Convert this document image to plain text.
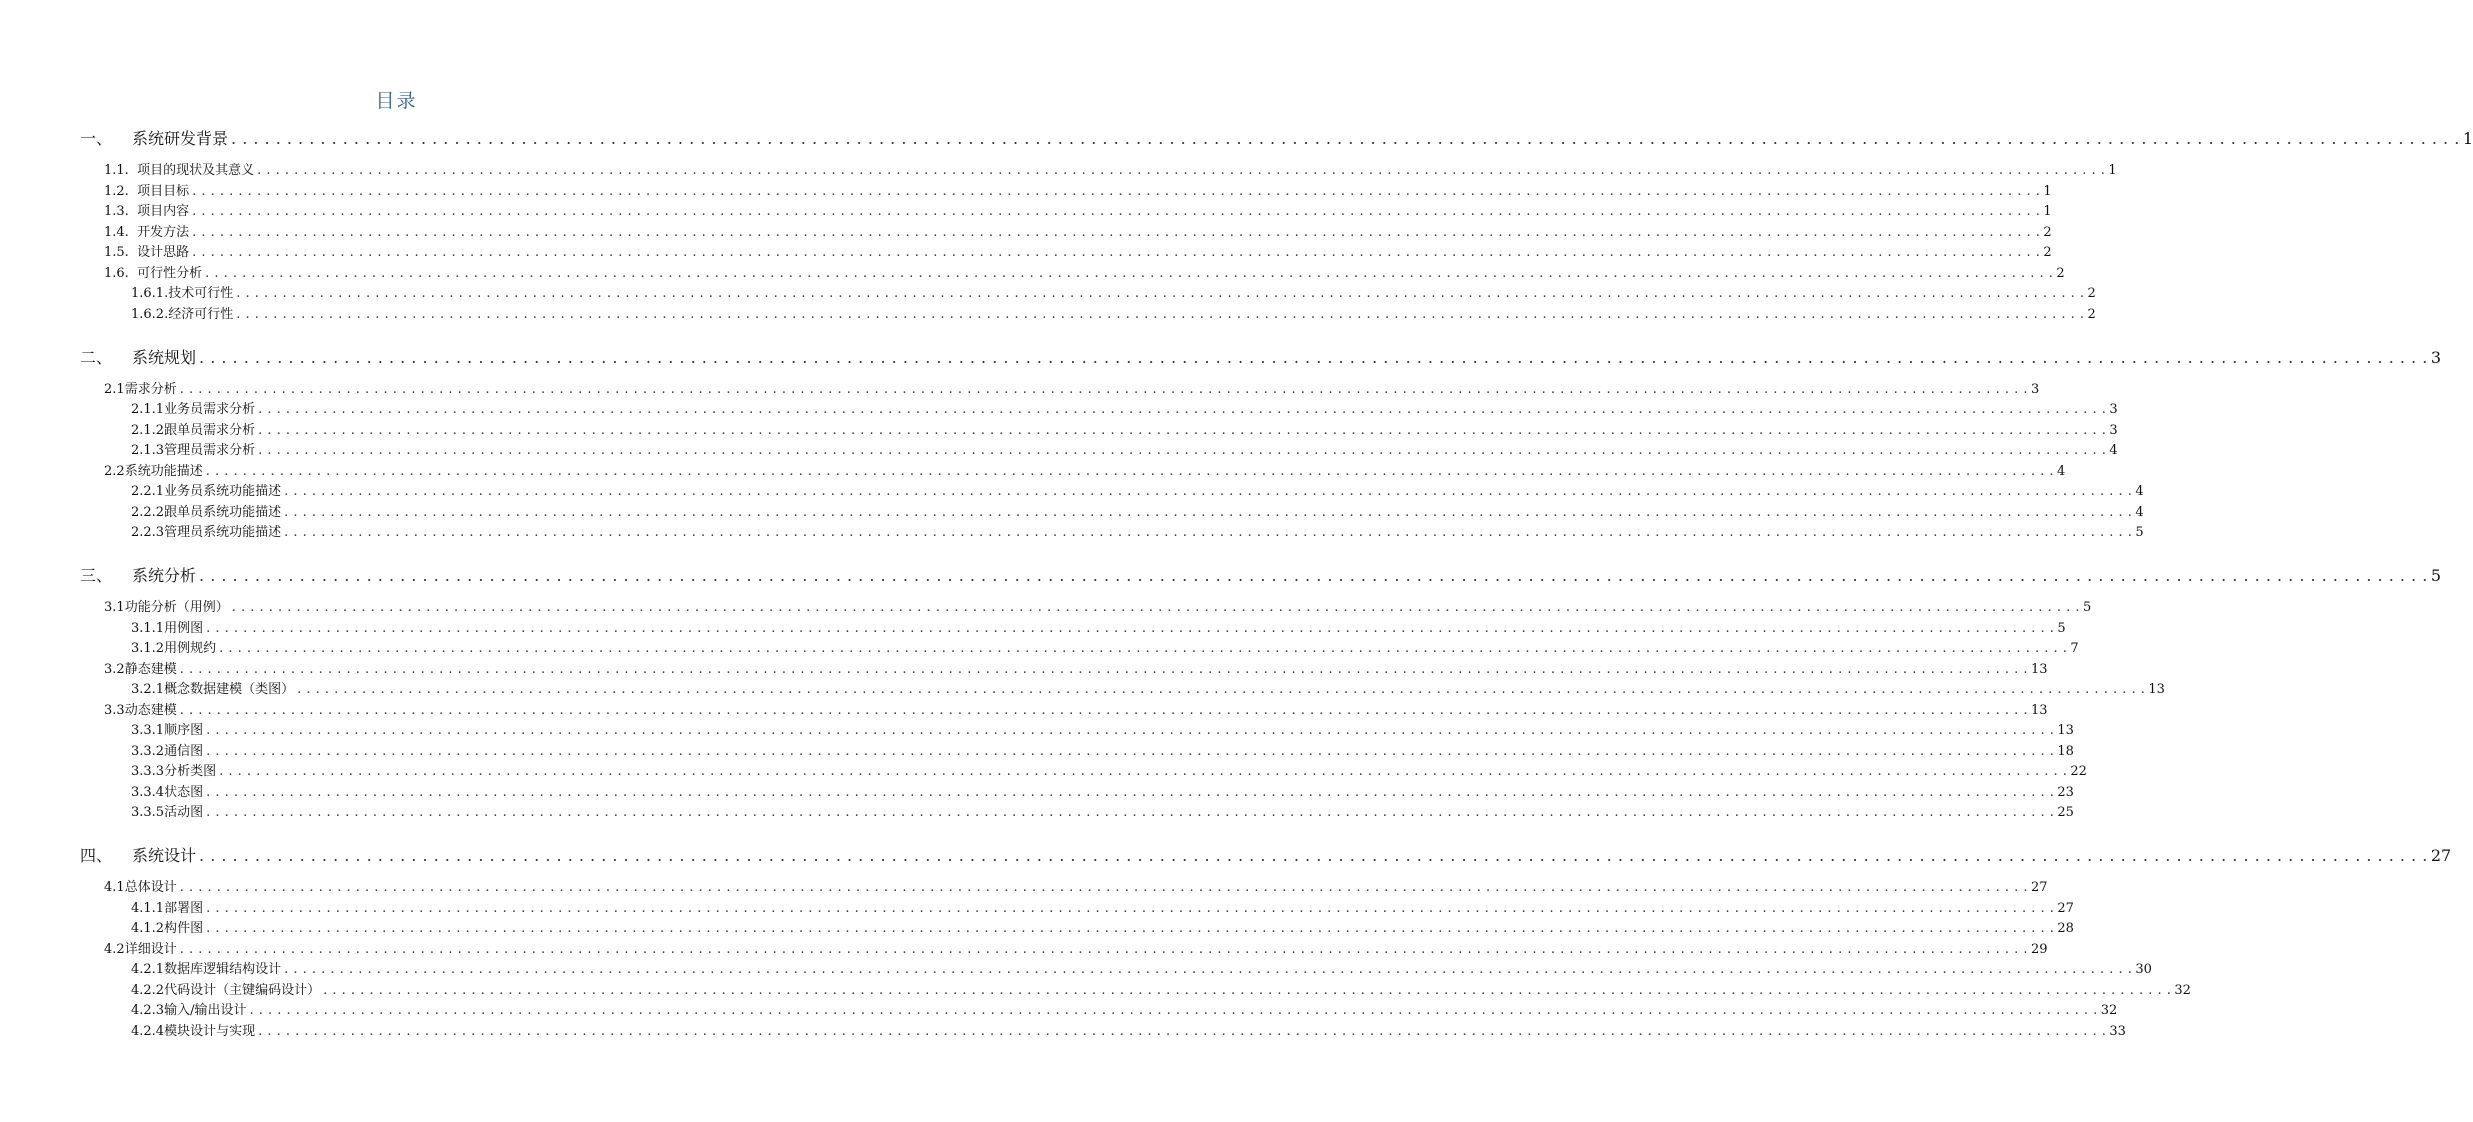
目录
一、 系统研发背景 . . . . . . . . . . . . . . . . . . . . . . . . . . . . . . . . . . . . . . . . . . . . . . . . . . . . . . . . . . . . . . . . . . . . . . . . . . . . . . . . . . . . . . . . . . . . . . . . . . . . . . . . . . . . . . . . . . . . . . . . . . . . . . . . . . . . . . . . . . . . . . . . . . . . . . . . . . . . . . . . . . . . . . . . . . . . . . . . . . . . . . . . . . . . . . . . . . . . . . . . 1
1.1. 项目的现状及其意义 . . . . . . . . . . . . . . . . . . . . . . . . . . . . . . . . . . . . . . . . . . . . . . . . . . . . . . . . . . . . . . . . . . . . . . . . . . . . . . . . . . . . . . . . . . . . . . . . . . . . . . . . . . . . . . . . . . . . . . . . . . . . . . . . . . . . . . . . . . . . . . . . . . . . . . . . . . . . . . . . . . . . . . . . . . . . . . . . . . . . . . . . . . . . . . . . . . . . . . . . 1
1.2. 项目目标 . . . . . . . . . . . . . . . . . . . . . . . . . . . . . . . . . . . . . . . . . . . . . . . . . . . . . . . . . . . . . . . . . . . . . . . . . . . . . . . . . . . . . . . . . . . . . . . . . . . . . . . . . . . . . . . . . . . . . . . . . . . . . . . . . . . . . . . . . . . . . . . . . . . . . . . . . . . . . . . . . . . . . . . . . . . . . . . . . . . . . . . . . . . . . . . . . . . . . . . . 1
1.3. 项目内容 . . . . . . . . . . . . . . . . . . . . . . . . . . . . . . . . . . . . . . . . . . . . . . . . . . . . . . . . . . . . . . . . . . . . . . . . . . . . . . . . . . . . . . . . . . . . . . . . . . . . . . . . . . . . . . . . . . . . . . . . . . . . . . . . . . . . . . . . . . . . . . . . . . . . . . . . . . . . . . . . . . . . . . . . . . . . . . . . . . . . . . . . . . . . . . . . . . . . . . . . 1
1.4. 开发方法 . . . . . . . . . . . . . . . . . . . . . . . . . . . . . . . . . . . . . . . . . . . . . . . . . . . . . . . . . . . . . . . . . . . . . . . . . . . . . . . . . . . . . . . . . . . . . . . . . . . . . . . . . . . . . . . . . . . . . . . . . . . . . . . . . . . . . . . . . . . . . . . . . . . . . . . . . . . . . . . . . . . . . . . . . . . . . . . . . . . . . . . . . . . . . . . . . . . . . . . . 2
1.5. 设计思路 . . . . . . . . . . . . . . . . . . . . . . . . . . . . . . . . . . . . . . . . . . . . . . . . . . . . . . . . . . . . . . . . . . . . . . . . . . . . . . . . . . . . . . . . . . . . . . . . . . . . . . . . . . . . . . . . . . . . . . . . . . . . . . . . . . . . . . . . . . . . . . . . . . . . . . . . . . . . . . . . . . . . . . . . . . . . . . . . . . . . . . . . . . . . . . . . . . . . . . . . 2
1.6. 可行性分析 . . . . . . . . . . . . . . . . . . . . . . . . . . . . . . . . . . . . . . . . . . . . . . . . . . . . . . . . . . . . . . . . . . . . . . . . . . . . . . . . . . . . . . . . . . . . . . . . . . . . . . . . . . . . . . . . . . . . . . . . . . . . . . . . . . . . . . . . . . . . . . . . . . . . . . . . . . . . . . . . . . . . . . . . . . . . . . . . . . . . . . . . . . . . . . . . . . . . . . . . 2
1.6.1.技术可行性 . . . . . . . . . . . . . . . . . . . . . . . . . . . . . . . . . . . . . . . . . . . . . . . . . . . . . . . . . . . . . . . . . . . . . . . . . . . . . . . . . . . . . . . . . . . . . . . . . . . . . . . . . . . . . . . . . . . . . . . . . . . . . . . . . . . . . . . . . . . . . . . . . . . . . . . . . . . . . . . . . . . . . . . . . . . . . . . . . . . . . . . . . . . . . . . . . . . . . . . . 2
1.6.2.经济可行性 . . . . . . . . . . . . . . . . . . . . . . . . . . . . . . . . . . . . . . . . . . . . . . . . . . . . . . . . . . . . . . . . . . . . . . . . . . . . . . . . . . . . . . . . . . . . . . . . . . . . . . . . . . . . . . . . . . . . . . . . . . . . . . . . . . . . . . . . . . . . . . . . . . . . . . . . . . . . . . . . . . . . . . . . . . . . . . . . . . . . . . . . . . . . . . . . . . . . . . . . 2
二、 系统规划 . . . . . . . . . . . . . . . . . . . . . . . . . . . . . . . . . . . . . . . . . . . . . . . . . . . . . . . . . . . . . . . . . . . . . . . . . . . . . . . . . . . . . . . . . . . . . . . . . . . . . . . . . . . . . . . . . . . . . . . . . . . . . . . . . . . . . . . . . . . . . . . . . . . . . . . . . . . . . . . . . . . . . . . . . . . . . . . . . . . . . . . . . . . . . . . . . . . . . . . . 3
2.1需求分析 . . . . . . . . . . . . . . . . . . . . . . . . . . . . . . . . . . . . . . . . . . . . . . . . . . . . . . . . . . . . . . . . . . . . . . . . . . . . . . . . . . . . . . . . . . . . . . . . . . . . . . . . . . . . . . . . . . . . . . . . . . . . . . . . . . . . . . . . . . . . . . . . . . . . . . . . . . . . . . . . . . . . . . . . . . . . . . . . . . . . . . . . . . . . . . . . . . . . . . . . 3
2.1.1业务员需求分析 . . . . . . . . . . . . . . . . . . . . . . . . . . . . . . . . . . . . . . . . . . . . . . . . . . . . . . . . . . . . . . . . . . . . . . . . . . . . . . . . . . . . . . . . . . . . . . . . . . . . . . . . . . . . . . . . . . . . . . . . . . . . . . . . . . . . . . . . . . . . . . . . . . . . . . . . . . . . . . . . . . . . . . . . . . . . . . . . . . . . . . . . . . . . . . . . . . . . . . . . 3
2.1.2跟单员需求分析 . . . . . . . . . . . . . . . . . . . . . . . . . . . . . . . . . . . . . . . . . . . . . . . . . . . . . . . . . . . . . . . . . . . . . . . . . . . . . . . . . . . . . . . . . . . . . . . . . . . . . . . . . . . . . . . . . . . . . . . . . . . . . . . . . . . . . . . . . . . . . . . . . . . . . . . . . . . . . . . . . . . . . . . . . . . . . . . . . . . . . . . . . . . . . . . . . . . . . . . . 3
2.1.3管理员需求分析 . . . . . . . . . . . . . . . . . . . . . . . . . . . . . . . . . . . . . . . . . . . . . . . . . . . . . . . . . . . . . . . . . . . . . . . . . . . . . . . . . . . . . . . . . . . . . . . . . . . . . . . . . . . . . . . . . . . . . . . . . . . . . . . . . . . . . . . . . . . . . . . . . . . . . . . . . . . . . . . . . . . . . . . . . . . . . . . . . . . . . . . . . . . . . . . . . . . . . . . . 4
2.2系统功能描述 . . . . . . . . . . . . . . . . . . . . . . . . . . . . . . . . . . . . . . . . . . . . . . . . . . . . . . . . . . . . . . . . . . . . . . . . . . . . . . . . . . . . . . . . . . . . . . . . . . . . . . . . . . . . . . . . . . . . . . . . . . . . . . . . . . . . . . . . . . . . . . . . . . . . . . . . . . . . . . . . . . . . . . . . . . . . . . . . . . . . . . . . . . . . . . . . . . . . . . . . 4
2.2.1业务员系统功能描述 . . . . . . . . . . . . . . . . . . . . . . . . . . . . . . . . . . . . . . . . . . . . . . . . . . . . . . . . . . . . . . . . . . . . . . . . . . . . . . . . . . . . . . . . . . . . . . . . . . . . . . . . . . . . . . . . . . . . . . . . . . . . . . . . . . . . . . . . . . . . . . . . . . . . . . . . . . . . . . . . . . . . . . . . . . . . . . . . . . . . . . . . . . . . . . . . . . . . . . . . 4
2.2.2跟单员系统功能描述 . . . . . . . . . . . . . . . . . . . . . . . . . . . . . . . . . . . . . . . . . . . . . . . . . . . . . . . . . . . . . . . . . . . . . . . . . . . . . . . . . . . . . . . . . . . . . . . . . . . . . . . . . . . . . . . . . . . . . . . . . . . . . . . . . . . . . . . . . . . . . . . . . . . . . . . . . . . . . . . . . . . . . . . . . . . . . . . . . . . . . . . . . . . . . . . . . . . . . . . . 4
2.2.3管理员系统功能描述 . . . . . . . . . . . . . . . . . . . . . . . . . . . . . . . . . . . . . . . . . . . . . . . . . . . . . . . . . . . . . . . . . . . . . . . . . . . . . . . . . . . . . . . . . . . . . . . . . . . . . . . . . . . . . . . . . . . . . . . . . . . . . . . . . . . . . . . . . . . . . . . . . . . . . . . . . . . . . . . . . . . . . . . . . . . . . . . . . . . . . . . . . . . . . . . . . . . . . . . . 5
三、 系统分析 . . . . . . . . . . . . . . . . . . . . . . . . . . . . . . . . . . . . . . . . . . . . . . . . . . . . . . . . . . . . . . . . . . . . . . . . . . . . . . . . . . . . . . . . . . . . . . . . . . . . . . . . . . . . . . . . . . . . . . . . . . . . . . . . . . . . . . . . . . . . . . . . . . . . . . . . . . . . . . . . . . . . . . . . . . . . . . . . . . . . . . . . . . . . . . . . . . . . . . . . 5
3.1功能分析（用例） . . . . . . . . . . . . . . . . . . . . . . . . . . . . . . . . . . . . . . . . . . . . . . . . . . . . . . . . . . . . . . . . . . . . . . . . . . . . . . . . . . . . . . . . . . . . . . . . . . . . . . . . . . . . . . . . . . . . . . . . . . . . . . . . . . . . . . . . . . . . . . . . . . . . . . . . . . . . . . . . . . . . . . . . . . . . . . . . . . . . . . . . . . . . . . . . . . . . . . . . 5
3.1.1用例图 . . . . . . . . . . . . . . . . . . . . . . . . . . . . . . . . . . . . . . . . . . . . . . . . . . . . . . . . . . . . . . . . . . . . . . . . . . . . . . . . . . . . . . . . . . . . . . . . . . . . . . . . . . . . . . . . . . . . . . . . . . . . . . . . . . . . . . . . . . . . . . . . . . . . . . . . . . . . . . . . . . . . . . . . . . . . . . . . . . . . . . . . . . . . . . . . . . . . . . . . 5
3.1.2用例规约 . . . . . . . . . . . . . . . . . . . . . . . . . . . . . . . . . . . . . . . . . . . . . . . . . . . . . . . . . . . . . . . . . . . . . . . . . . . . . . . . . . . . . . . . . . . . . . . . . . . . . . . . . . . . . . . . . . . . . . . . . . . . . . . . . . . . . . . . . . . . . . . . . . . . . . . . . . . . . . . . . . . . . . . . . . . . . . . . . . . . . . . . . . . . . . . . . . . . . . . . 7
3.2静态建模 . . . . . . . . . . . . . . . . . . . . . . . . . . . . . . . . . . . . . . . . . . . . . . . . . . . . . . . . . . . . . . . . . . . . . . . . . . . . . . . . . . . . . . . . . . . . . . . . . . . . . . . . . . . . . . . . . . . . . . . . . . . . . . . . . . . . . . . . . . . . . . . . . . . . . . . . . . . . . . . . . . . . . . . . . . . . . . . . . . . . . . . . . . . . . . . . . . . . . . . . 13
3.2.1概念数据建模（类图） . . . . . . . . . . . . . . . . . . . . . . . . . . . . . . . . . . . . . . . . . . . . . . . . . . . . . . . . . . . . . . . . . . . . . . . . . . . . . . . . . . . . . . . . . . . . . . . . . . . . . . . . . . . . . . . . . . . . . . . . . . . . . . . . . . . . . . . . . . . . . . . . . . . . . . . . . . . . . . . . . . . . . . . . . . . . . . . . . . . . . . . . . . . . . . . . . . . . . . . . 13
3.3动态建模 . . . . . . . . . . . . . . . . . . . . . . . . . . . . . . . . . . . . . . . . . . . . . . . . . . . . . . . . . . . . . . . . . . . . . . . . . . . . . . . . . . . . . . . . . . . . . . . . . . . . . . . . . . . . . . . . . . . . . . . . . . . . . . . . . . . . . . . . . . . . . . . . . . . . . . . . . . . . . . . . . . . . . . . . . . . . . . . . . . . . . . . . . . . . . . . . . . . . . . . . 13
3.3.1顺序图 . . . . . . . . . . . . . . . . . . . . . . . . . . . . . . . . . . . . . . . . . . . . . . . . . . . . . . . . . . . . . . . . . . . . . . . . . . . . . . . . . . . . . . . . . . . . . . . . . . . . . . . . . . . . . . . . . . . . . . . . . . . . . . . . . . . . . . . . . . . . . . . . . . . . . . . . . . . . . . . . . . . . . . . . . . . . . . . . . . . . . . . . . . . . . . . . . . . . . . . . 13
3.3.2通信图 . . . . . . . . . . . . . . . . . . . . . . . . . . . . . . . . . . . . . . . . . . . . . . . . . . . . . . . . . . . . . . . . . . . . . . . . . . . . . . . . . . . . . . . . . . . . . . . . . . . . . . . . . . . . . . . . . . . . . . . . . . . . . . . . . . . . . . . . . . . . . . . . . . . . . . . . . . . . . . . . . . . . . . . . . . . . . . . . . . . . . . . . . . . . . . . . . . . . . . . . 18
3.3.3分析类图 . . . . . . . . . . . . . . . . . . . . . . . . . . . . . . . . . . . . . . . . . . . . . . . . . . . . . . . . . . . . . . . . . . . . . . . . . . . . . . . . . . . . . . . . . . . . . . . . . . . . . . . . . . . . . . . . . . . . . . . . . . . . . . . . . . . . . . . . . . . . . . . . . . . . . . . . . . . . . . . . . . . . . . . . . . . . . . . . . . . . . . . . . . . . . . . . . . . . . . . . 22
3.3.4状态图 . . . . . . . . . . . . . . . . . . . . . . . . . . . . . . . . . . . . . . . . . . . . . . . . . . . . . . . . . . . . . . . . . . . . . . . . . . . . . . . . . . . . . . . . . . . . . . . . . . . . . . . . . . . . . . . . . . . . . . . . . . . . . . . . . . . . . . . . . . . . . . . . . . . . . . . . . . . . . . . . . . . . . . . . . . . . . . . . . . . . . . . . . . . . . . . . . . . . . . . . 23
3.3.5活动图 . . . . . . . . . . . . . . . . . . . . . . . . . . . . . . . . . . . . . . . . . . . . . . . . . . . . . . . . . . . . . . . . . . . . . . . . . . . . . . . . . . . . . . . . . . . . . . . . . . . . . . . . . . . . . . . . . . . . . . . . . . . . . . . . . . . . . . . . . . . . . . . . . . . . . . . . . . . . . . . . . . . . . . . . . . . . . . . . . . . . . . . . . . . . . . . . . . . . . . . . 25
四、 系统设计 . . . . . . . . . . . . . . . . . . . . . . . . . . . . . . . . . . . . . . . . . . . . . . . . . . . . . . . . . . . . . . . . . . . . . . . . . . . . . . . . . . . . . . . . . . . . . . . . . . . . . . . . . . . . . . . . . . . . . . . . . . . . . . . . . . . . . . . . . . . . . . . . . . . . . . . . . . . . . . . . . . . . . . . . . . . . . . . . . . . . . . . . . . . . . . . . . . . . . . . . 27
4.1总体设计 . . . . . . . . . . . . . . . . . . . . . . . . . . . . . . . . . . . . . . . . . . . . . . . . . . . . . . . . . . . . . . . . . . . . . . . . . . . . . . . . . . . . . . . . . . . . . . . . . . . . . . . . . . . . . . . . . . . . . . . . . . . . . . . . . . . . . . . . . . . . . . . . . . . . . . . . . . . . . . . . . . . . . . . . . . . . . . . . . . . . . . . . . . . . . . . . . . . . . . . . 27
4.1.1部署图 . . . . . . . . . . . . . . . . . . . . . . . . . . . . . . . . . . . . . . . . . . . . . . . . . . . . . . . . . . . . . . . . . . . . . . . . . . . . . . . . . . . . . . . . . . . . . . . . . . . . . . . . . . . . . . . . . . . . . . . . . . . . . . . . . . . . . . . . . . . . . . . . . . . . . . . . . . . . . . . . . . . . . . . . . . . . . . . . . . . . . . . . . . . . . . . . . . . . . . . . 27
4.1.2构件图 . . . . . . . . . . . . . . . . . . . . . . . . . . . . . . . . . . . . . . . . . . . . . . . . . . . . . . . . . . . . . . . . . . . . . . . . . . . . . . . . . . . . . . . . . . . . . . . . . . . . . . . . . . . . . . . . . . . . . . . . . . . . . . . . . . . . . . . . . . . . . . . . . . . . . . . . . . . . . . . . . . . . . . . . . . . . . . . . . . . . . . . . . . . . . . . . . . . . . . . . 28
4.2详细设计 . . . . . . . . . . . . . . . . . . . . . . . . . . . . . . . . . . . . . . . . . . . . . . . . . . . . . . . . . . . . . . . . . . . . . . . . . . . . . . . . . . . . . . . . . . . . . . . . . . . . . . . . . . . . . . . . . . . . . . . . . . . . . . . . . . . . . . . . . . . . . . . . . . . . . . . . . . . . . . . . . . . . . . . . . . . . . . . . . . . . . . . . . . . . . . . . . . . . . . . . 29
4.2.1数据库逻辑结构设计 . . . . . . . . . . . . . . . . . . . . . . . . . . . . . . . . . . . . . . . . . . . . . . . . . . . . . . . . . . . . . . . . . . . . . . . . . . . . . . . . . . . . . . . . . . . . . . . . . . . . . . . . . . . . . . . . . . . . . . . . . . . . . . . . . . . . . . . . . . . . . . . . . . . . . . . . . . . . . . . . . . . . . . . . . . . . . . . . . . . . . . . . . . . . . . . . . . . . . . . . 30
4.2.2代码设计（主键编码设计） . . . . . . . . . . . . . . . . . . . . . . . . . . . . . . . . . . . . . . . . . . . . . . . . . . . . . . . . . . . . . . . . . . . . . . . . . . . . . . . . . . . . . . . . . . . . . . . . . . . . . . . . . . . . . . . . . . . . . . . . . . . . . . . . . . . . . . . . . . . . . . . . . . . . . . . . . . . . . . . . . . . . . . . . . . . . . . . . . . . . . . . . . . . . . . . . . . . . . . . . 32
4.2.3输入/输出设计 . . . . . . . . . . . . . . . . . . . . . . . . . . . . . . . . . . . . . . . . . . . . . . . . . . . . . . . . . . . . . . . . . . . . . . . . . . . . . . . . . . . . . . . . . . . . . . . . . . . . . . . . . . . . . . . . . . . . . . . . . . . . . . . . . . . . . . . . . . . . . . . . . . . . . . . . . . . . . . . . . . . . . . . . . . . . . . . . . . . . . . . . . . . . . . . . . . . . . . . . 32
4.2.4模块设计与实现 . . . . . . . . . . . . . . . . . . . . . . . . . . . . . . . . . . . . . . . . . . . . . . . . . . . . . . . . . . . . . . . . . . . . . . . . . . . . . . . . . . . . . . . . . . . . . . . . . . . . . . . . . . . . . . . . . . . . . . . . . . . . . . . . . . . . . . . . . . . . . . . . . . . . . . . . . . . . . . . . . . . . . . . . . . . . . . . . . . . . . . . . . . . . . . . . . . . . . . . . 33
